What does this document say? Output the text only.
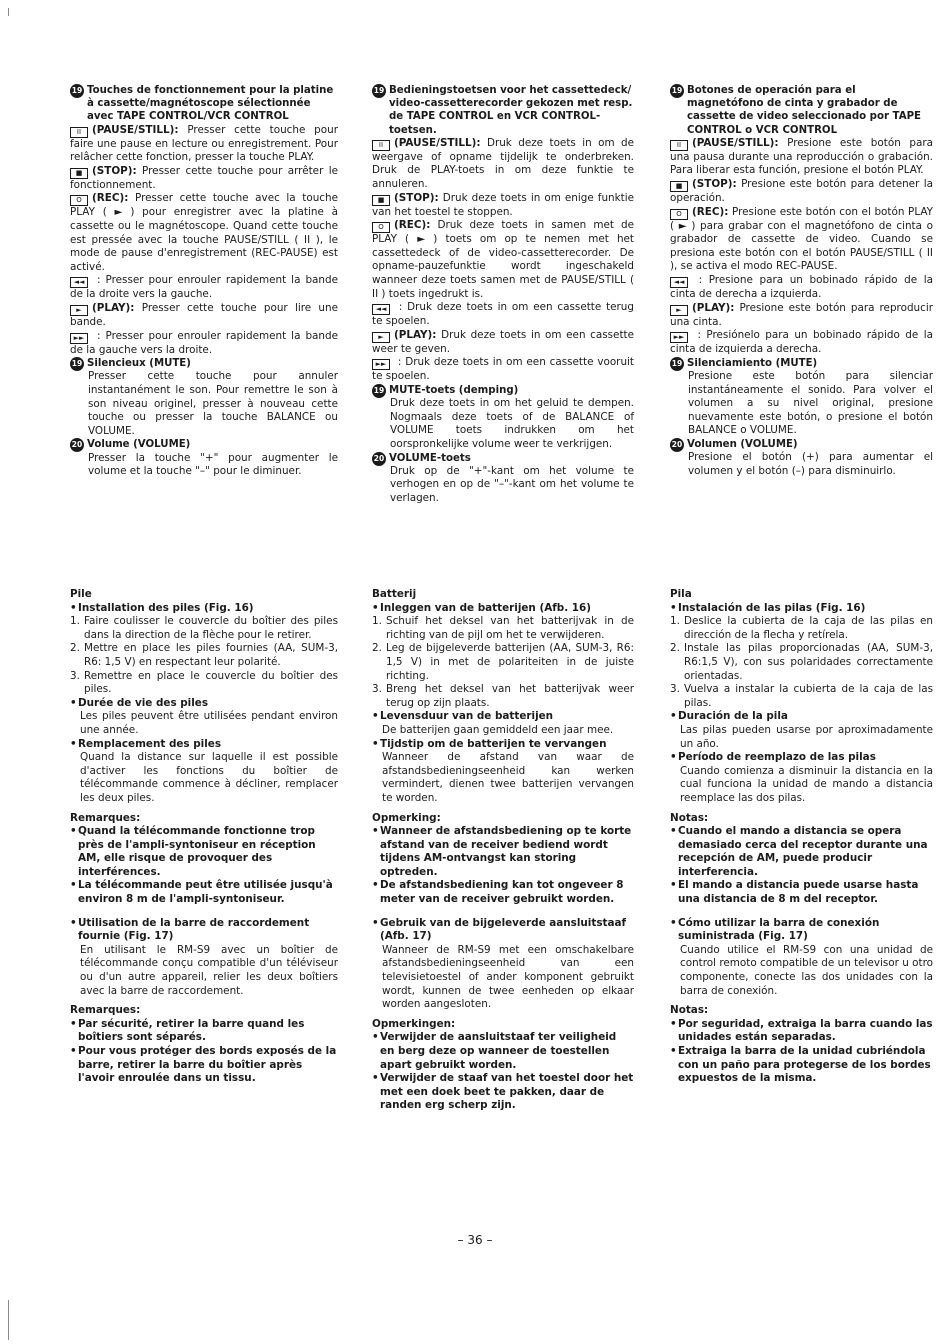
19 Touches de fonctionnement pour la platine à cassette/magnétoscope sélectionnée avec TAPE CONTROL/VCR CONTROL

II (PAUSE/STILL): Presser cette touche pour faire une pause en lecture ou enregistrement. Pour relâcher cette fonction, presser la touche PLAY.

■ (STOP): Presser cette touche pour arrêter le fonctionnement.

O (REC): Presser cette touche avec la touche PLAY ( ► ) pour enregistrer avec la platine à cassette ou le magnétoscope. Quand cette touche est pressée avec la touche PAUSE/STILL ( II ), le mode de pause d'enregistrement (REC-PAUSE) est activé.

◄◄ : Presser pour enrouler rapidement la bande de la droite vers la gauche.

► (PLAY): Presser cette touche pour lire une bande.

►► : Presser pour enrouler rapidement la bande de la gauche vers la droite.

19 Silencieux (MUTE)

Presser cette touche pour annuler instantanément le son. Pour remettre le son à son niveau originel, presser à nouveau cette touche ou presser la touche BALANCE ou VOLUME.

20 Volume (VOLUME)

Presser la touche "+" pour augmenter le volume et la touche "–" pour le diminuer.

19 Bedieningstoetsen voor het cassettedeck/ video-cassetterecorder gekozen met resp. de TAPE CONTROL en VCR CONTROL-toetsen.

II (PAUSE/STILL): Druk deze toets in om de weergave of opname tijdelijk te onderbreken. Druk de PLAY-toets in om deze funktie te annuleren.

■ (STOP): Druk deze toets in om enige funktie van het toestel te stoppen.

O (REC): Druk deze toets in samen met de PLAY ( ► ) toets om op te nemen met het cassettedeck of de video-cassetterecorder. De opname-pauzefunktie wordt ingeschakeld wanneer deze toets samen met de PAUSE/STILL ( II ) toets ingedrukt is.

◄◄ : Druk deze toets in om een cassette terug te spoelen.

► (PLAY): Druk deze toets in om een cassette weer te geven.

►► : Druk deze toets in om een cassette vooruit te spoelen.

19 MUTE-toets (demping)

Druk deze toets in om het geluid te dempen. Nogmaals deze toets of de BALANCE of VOLUME toets indrukken om het oorspronkelijke volume weer te verkrijgen.

20 VOLUME-toets

Druk op de "+"-kant om het volume te verhogen en op de "–"-kant om het volume te verlagen.

19 Botones de operación para el magnetófono de cinta y grabador de cassette de video seleccionado por TAPE CONTROL o VCR CONTROL

II (PAUSE/STILL): Presione este botón para una pausa durante una reproducción o grabación. Para liberar esta función, presione el botón PLAY.

■ (STOP): Presione este botón para detener la operación.

O (REC): Presione este botón con el botón PLAY ( ► ) para grabar con el magnetófono de cinta o grabador de cassette de video. Cuando se presiona este botón con el botón PAUSE/STILL ( II ), se activa el modo REC-PAUSE.

◄◄ : Presione para un bobinado rápido de la cinta de derecha a izquierda.

► (PLAY): Presione este botón para reproducir una cinta.

►► : Presiónelo para un bobinado rápido de la cinta de izquierda a derecha.

19 Silenciamiento (MUTE)

Presione este botón para silenciar instantáneamente el sonido. Para volver el volumen a su nivel original, presione nuevamente este botón, o presione el botón BALANCE o VOLUME.

20 Volumen (VOLUME)

Presione el botón (+) para aumentar el volumen y el botón (–) para disminuirlo.

Pile

• Installation des piles (Fig. 16)
1. Faire coulisser le couvercle du boîtier des piles dans la direction de la flèche pour le retirer.
2. Mettre en place les piles fournies (AA, SUM-3, R6: 1,5 V) en respectant leur polarité.
3. Remettre en place le couvercle du boîtier des piles.
• Durée de vie des piles

Les piles peuvent être utilisées pendant environ une année.

• Remplacement des piles

Quand la distance sur laquelle il est possible d'activer les fonctions du boîtier de télécommande commence à décliner, remplacer les deux piles.

Remarques:

• Quand la télécommande fonctionne trop près de l'ampli-syntoniseur en réception AM, elle risque de provoquer des interférences.
• La télécommande peut être utilisée jusqu'à environ 8 m de l'ampli-syntoniseur.
• Utilisation de la barre de raccordement fournie (Fig. 17)

En utilisant le RM-S9 avec un boîtier de télécommande conçu compatible d'un téléviseur ou d'un autre appareil, relier les deux boîtiers avec la barre de raccordement.

Remarques:

• Par sécurité, retirer la barre quand les boîtiers sont séparés.
• Pour vous protéger des bords exposés de la barre, retirer la barre du boîtier après l'avoir enroulée dans un tissu.

Batterij

• Inleggen van de batterijen (Afb. 16)
1. Schuif het deksel van het batterijvak in de richting van de pijl om het te verwijderen.
2. Leg de bijgeleverde batterijen (AA, SUM-3, R6: 1,5 V) in met de polariteiten in de juiste richting.
3. Breng het deksel van het batterijvak weer terug op zijn plaats.
• Levensduur van de batterijen

De batterijen gaan gemiddeld een jaar mee.

• Tijdstip om de batterijen te vervangen

Wanneer de afstand van waar de afstandsbedieningseenheid kan werken vermindert, dienen twee batterijen vervangen te worden.

Opmerking:

• Wanneer de afstandsbediening op te korte afstand van de receiver bediend wordt tijdens AM-ontvangst kan storing optreden.
• De afstandsbediening kan tot ongeveer 8 meter van de receiver gebruikt worden.
• Gebruik van de bijgeleverde aansluitstaaf (Afb. 17)

Wanneer de RM-S9 met een omschakelbare afstandsbedieningseenheid van een televisietoestel of ander komponent gebruikt wordt, kunnen de twee eenheden op elkaar worden aangesloten.

Opmerkingen:

• Verwijder de aansluitstaaf ter veiligheid en berg deze op wanneer de toestellen apart gebruikt worden.
• Verwijder de staaf van het toestel door het met een doek beet te pakken, daar de randen erg scherp zijn.

Pila

• Instalación de las pilas (Fig. 16)
1. Deslice la cubierta de la caja de las pilas en dirección de la flecha y retírela.
2. Instale las pilas proporcionadas (AA, SUM-3, R6:1,5 V), con sus polaridades correctamente orientadas.
3. Vuelva a instalar la cubierta de la caja de las pilas.
• Duración de la pila

Las pilas pueden usarse por aproximadamente un año.

• Período de reemplazo de las pilas

Cuando comienza a disminuir la distancia en la cual funciona la unidad de mando a distancia reemplace las dos pilas.

Notas:

• Cuando el mando a distancia se opera demasiado cerca del receptor durante una recepción de AM, puede producir interferencia.
• El mando a distancia puede usarse hasta una distancia de 8 m del receptor.
• Cómo utilizar la barra de conexión suministrada (Fig. 17)

Cuando utilice el RM-S9 con una unidad de control remoto compatible de un televisor u otro componente, conecte las dos unidades con la barra de conexión.

Notas:

• Por seguridad, extraiga la barra cuando las unidades están separadas.
• Extraiga la barra de la unidad cubriéndola con un paño para protegerse de los bordes expuestos de la misma.
– 36 –
